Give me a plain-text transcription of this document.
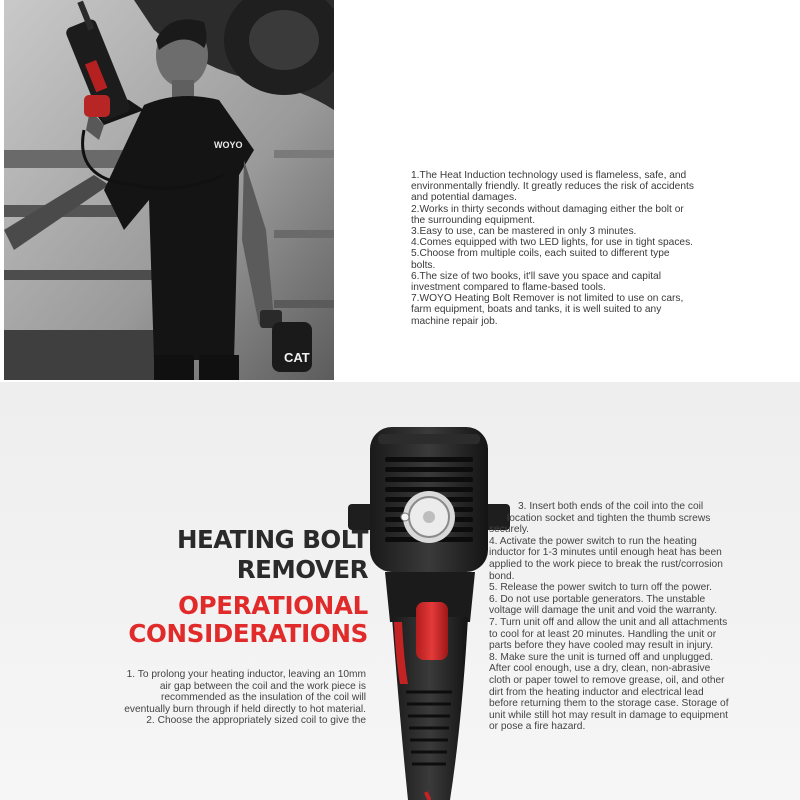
WOYO
CAT
1.The Heat Induction technology used is flameless, safe, and
environmentally friendly. It greatly reduces the risk of accidents
and potential damages.
2.Works in thirty seconds without damaging either the bolt or
the surrounding equipment.
3.Easy to use, can be mastered in only 3 minutes.
4.Comes equipped with two LED lights, for use in tight spaces.
5.Choose from multiple coils, each suited to different type
bolts.
6.The size of two books, it'll save you space and capital
investment compared to flame-based tools.
7.WOYO Heating Bolt Remover is not limited to use on cars,
farm equipment, boats and tanks, it is well suited to any
machine repair job.
HEATING BOLT
REMOVER
OPERATIONAL
CONSIDERATIONS
1. To prolong your heating inductor, leaving an 10mm
air gap between the coil and the work piece is
recommended as the insulation of the coil will
eventually burn through if held directly to hot material.
2. Choose the appropriately sized coil to give the
3. Insert both ends of the coil into the coil
location socket and tighten the thumb screws
securely.
4. Activate the power switch to run the heating
inductor for 1-3 minutes until enough heat has been
applied to the work piece to break the rust/corrosion
bond.
5. Release the power switch to turn off the power.
6. Do not use portable generators. The unstable
voltage will damage the unit and void the warranty.
7. Turn unit off and allow the unit and all attachments
to cool for at least 20 minutes. Handling the unit or
parts before they have cooled may result in injury.
8. Make sure the unit is turned off and unplugged.
After cool enough, use a dry, clean, non-abrasive
cloth or paper towel to remove grease, oil, and other
dirt from the heating inductor and electrical lead
before returning them to the storage case. Storage of
unit while still hot may result in damage to equipment
or pose a fire hazard.
